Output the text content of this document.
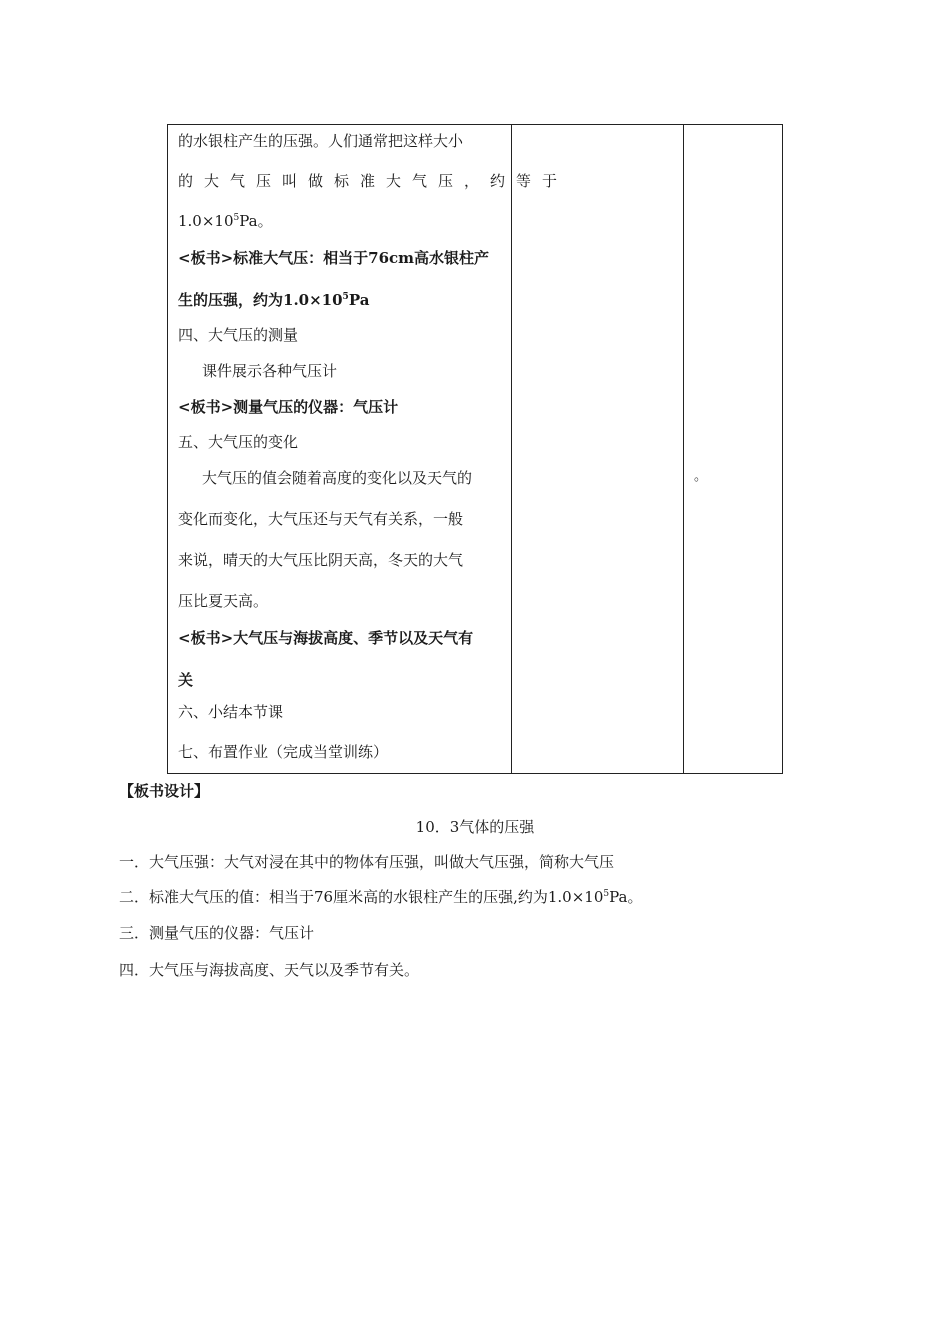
的水银柱产生的压强。人们通常把这样大小
的大气压叫做标准大气压，约等于
$1.0\times 10^5Pa$。
<板书>标准大气压：相当于76cm高水银柱产
生的压强，约为$1.0\times 10^5Pa$
四、大气压的测量
课件展示各种气压计
<板书>测量气压的仪器：气压计
五、大气压的变化
大气压的值会随着高度的变化以及天气的
变化而变化，大气压还与天气有关系，一般
来说，晴天的大气压比阴天高，冬天的大气
压比夏天高。
<板书>大气压与海拔高度、季节以及天气有
关
六、小结本节课
七、布置作业（完成当堂训练）
。
【板书设计】
10．3气体的压强
一．大气压强：大气对浸在其中的物体有压强，叫做大气压强，简称大气压
二．标准大气压的值：相当于76厘米高的水银柱产生的压强,约为$1.0\times 10^5Pa$。
三．测量气压的仪器：气压计
四．大气压与海拔高度、天气以及季节有关。
